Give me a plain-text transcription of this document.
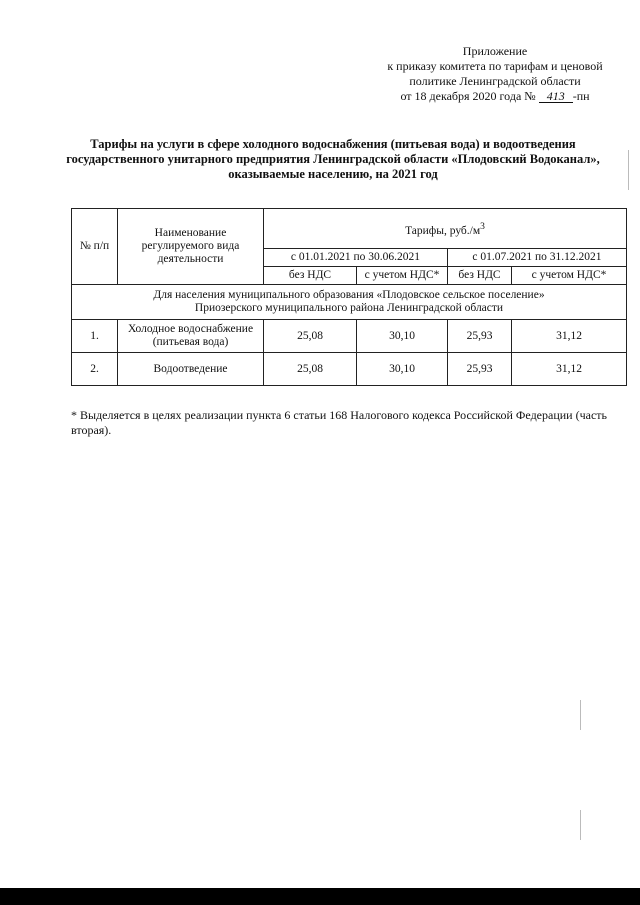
Приложение
к приказу комитета по тарифам и ценовой
политике Ленинградской области
от 18 декабря 2020 года № 413 -пн
Тарифы на услуги в сфере холодного водоснабжения (питьевая вода) и водоотведения государственного унитарного предприятия Ленинградской области «Плодовский Водоканал», оказываемые населению, на 2021 год
№ п/п	Наименование регулируемого вида деятельности	Тарифы, $руб./м^3$
		с 01.01.2021 по 30.06.2021		с 01.07.2021 по 31.12.2021	
		без НДС	с учетом НДС*	без НДС	с учетом НДС*

Для населения муниципального образования «Плодовское сельское поселение»
Приозерского муниципального района Ленинградской области					

1.	Холодное водоснабжение (питьевая вода)	25,08	30,10	25,93	31,12
2.	Водоотведение	25,08	30,10	25,93	31,12
* Выделяется в целях реализации пункта 6 статьи 168 Налогового кодекса Российской Федерации (часть вторая).
